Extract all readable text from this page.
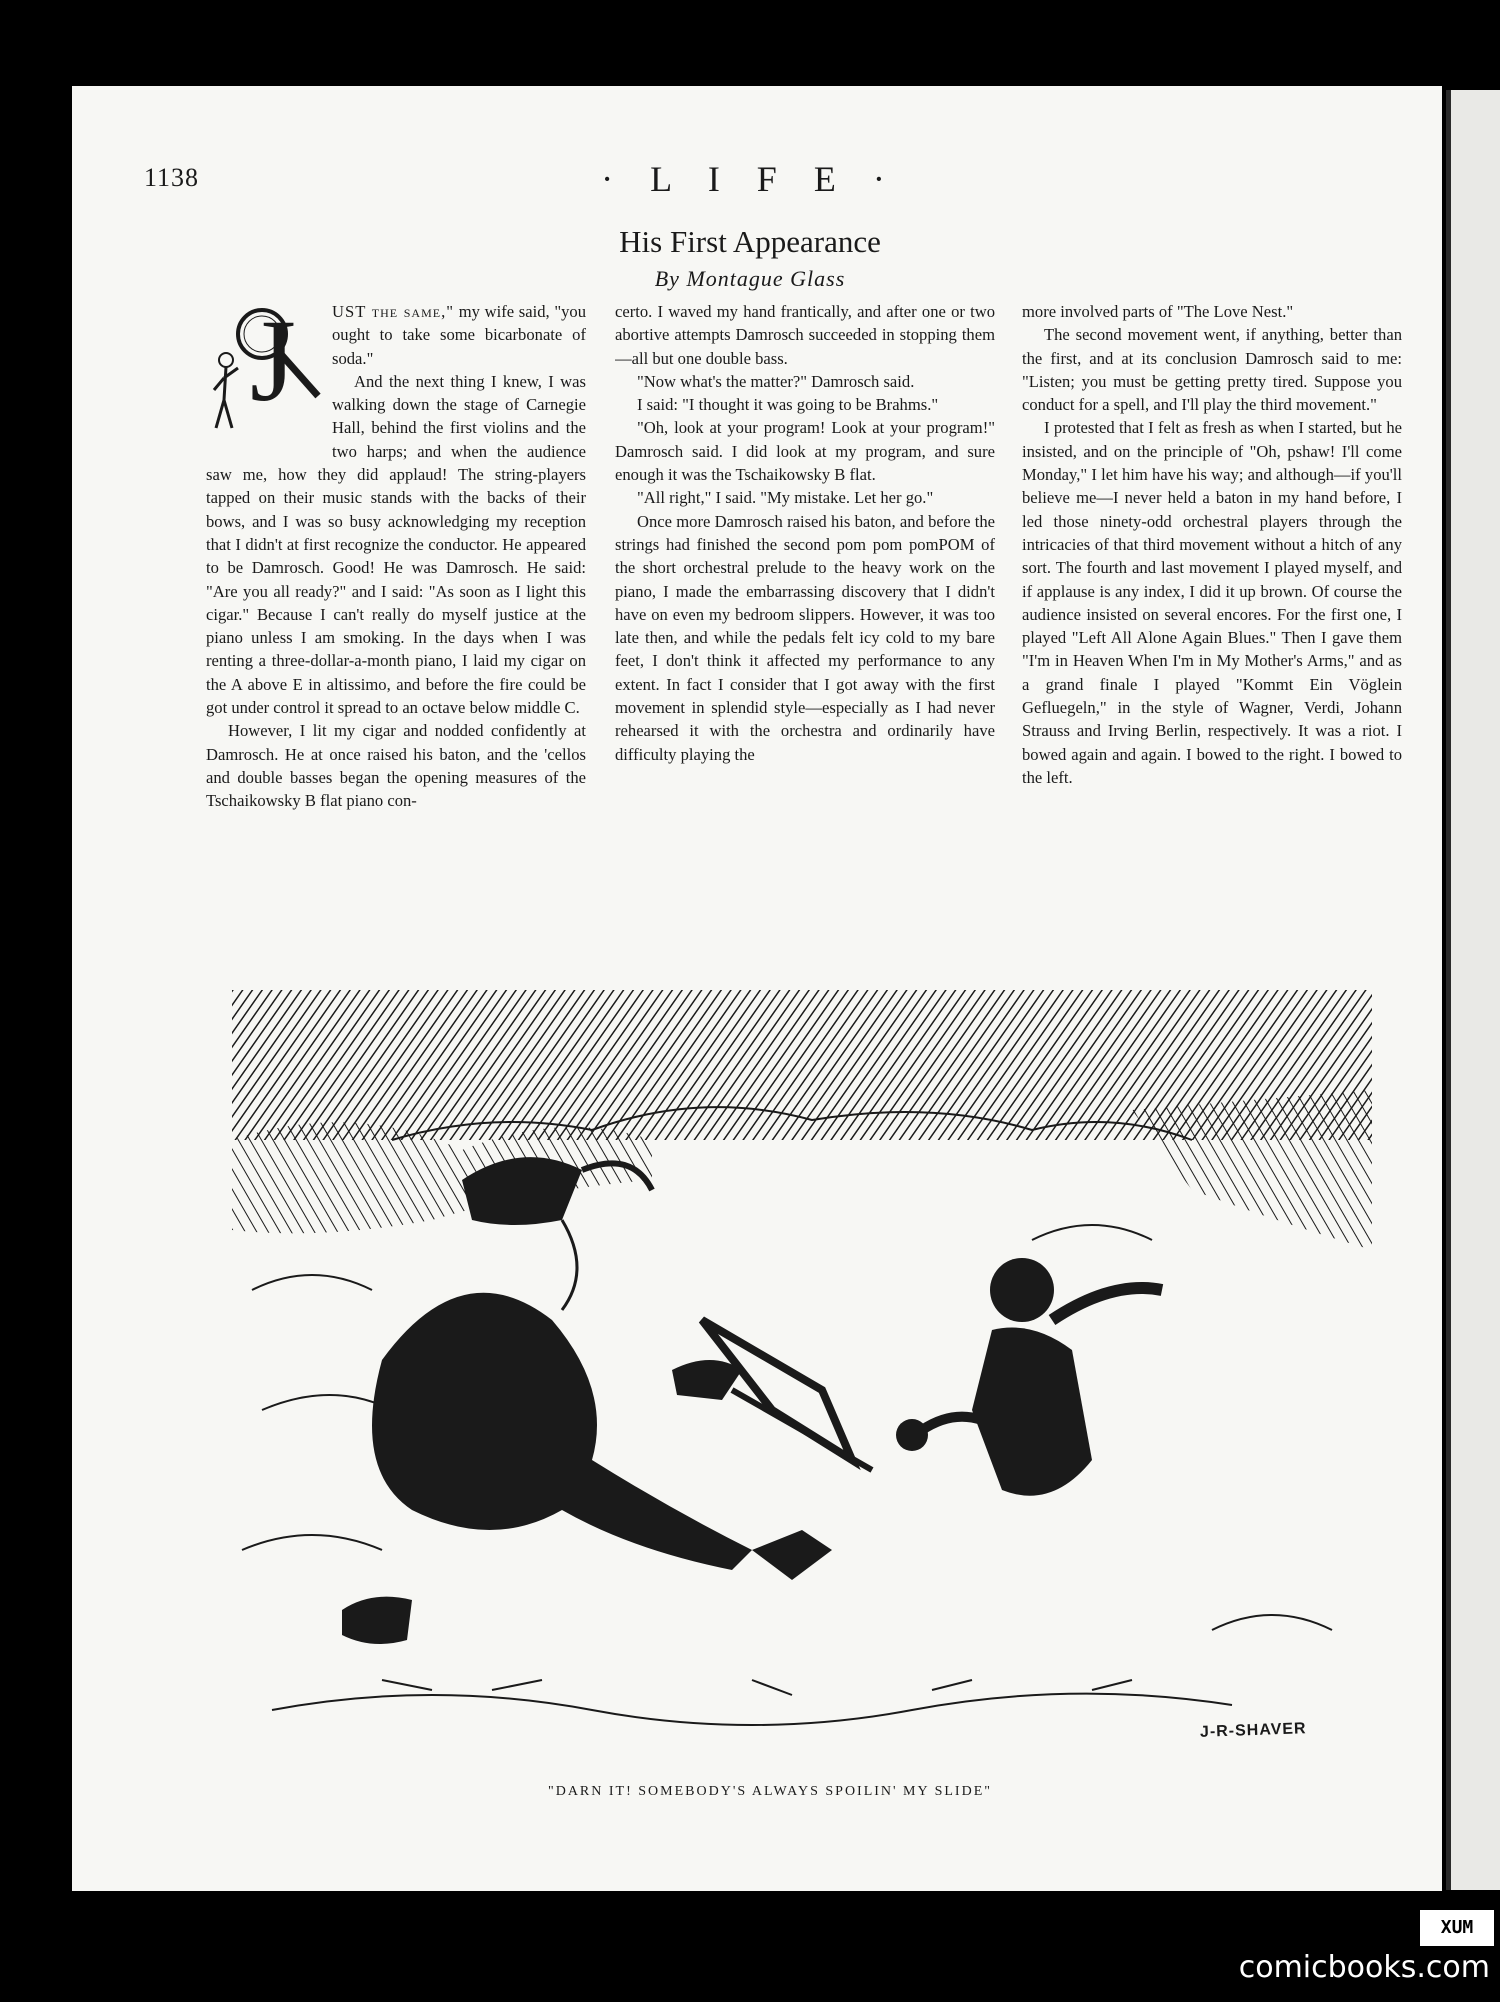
1138	· L I F E ·
His First Appearance
By Montague Glass
J	UST the same," my wife said, "you ought to take some bicarbonate of soda."

And the next thing I knew, I was walking down the stage of Carnegie Hall, behind the first violins and the two harps; and when the audience saw me, how they did applaud! The string-players tapped on their music stands with the backs of their bows, and I was so busy acknowledging my reception that I didn't at first recognize the conductor. He appeared to be Damrosch. Good! He was Damrosch. He said: "Are you all ready?" and I said: "As soon as I light this cigar." Because I can't really do myself justice at the piano unless I am smoking. In the days when I was renting a three-dollar-a-month piano, I laid my cigar on the A above E in altissimo, and before the fire could be got under control it spread to an octave below middle C.

However, I lit my cigar and nodded confidently at Damrosch. He at once raised his baton, and the 'cellos and double basses began the opening measures of the Tschaikowsky B flat piano con-

certo. I waved my hand frantically, and after one or two abortive attempts Damrosch succeeded in stopping them—all but one double bass.

"Now what's the matter?" Damrosch said.

I said: "I thought it was going to be Brahms."

"Oh, look at your program! Look at your program!" Damrosch said. I did look at my program, and sure enough it was the Tschaikowsky B flat.

"All right," I said. "My mistake. Let her go."

Once more Damrosch raised his baton, and before the strings had finished the second pom pom pomPOM of the short orchestral prelude to the heavy work on the piano, I made the embarrassing discovery that I didn't have on even my bedroom slippers. However, it was too late then, and while the pedals felt icy cold to my bare feet, I don't think it affected my performance to any extent. In fact I consider that I got away with the first movement in splendid style—especially as I had never rehearsed it with the orchestra and ordinarily have difficulty playing the

more involved parts of "The Love Nest."

The second movement went, if anything, better than the first, and at its conclusion Damrosch said to me: "Listen; you must be getting pretty tired. Suppose you conduct for a spell, and I'll play the third movement."

I protested that I felt as fresh as when I started, but he insisted, and on the principle of "Oh, pshaw! I'll come Monday," I let him have his way; and although—if you'll believe me—I never held a baton in my hand before, I led those ninety-odd orchestral players through the intricacies of that third movement without a hitch of any sort. The fourth and last movement I played myself, and if applause is any index, I did it up brown. Of course the audience insisted on several encores. For the first one, I played "Left All Alone Again Blues." Then I gave them "I'm in Heaven When I'm in My Mother's Arms," and as a grand finale I played "Kommt Ein Vöglein Gefluegeln," in the style of Wagner, Verdi, Johann Strauss and Irving Berlin, respectively. It was a riot. I bowed again and again. I bowed to the right. I bowed to the left.

J-R-SHAVER
"DARN IT! SOMEBODY'S ALWAYS SPOILIN' MY SLIDE"
XUM
comicbooks.com
